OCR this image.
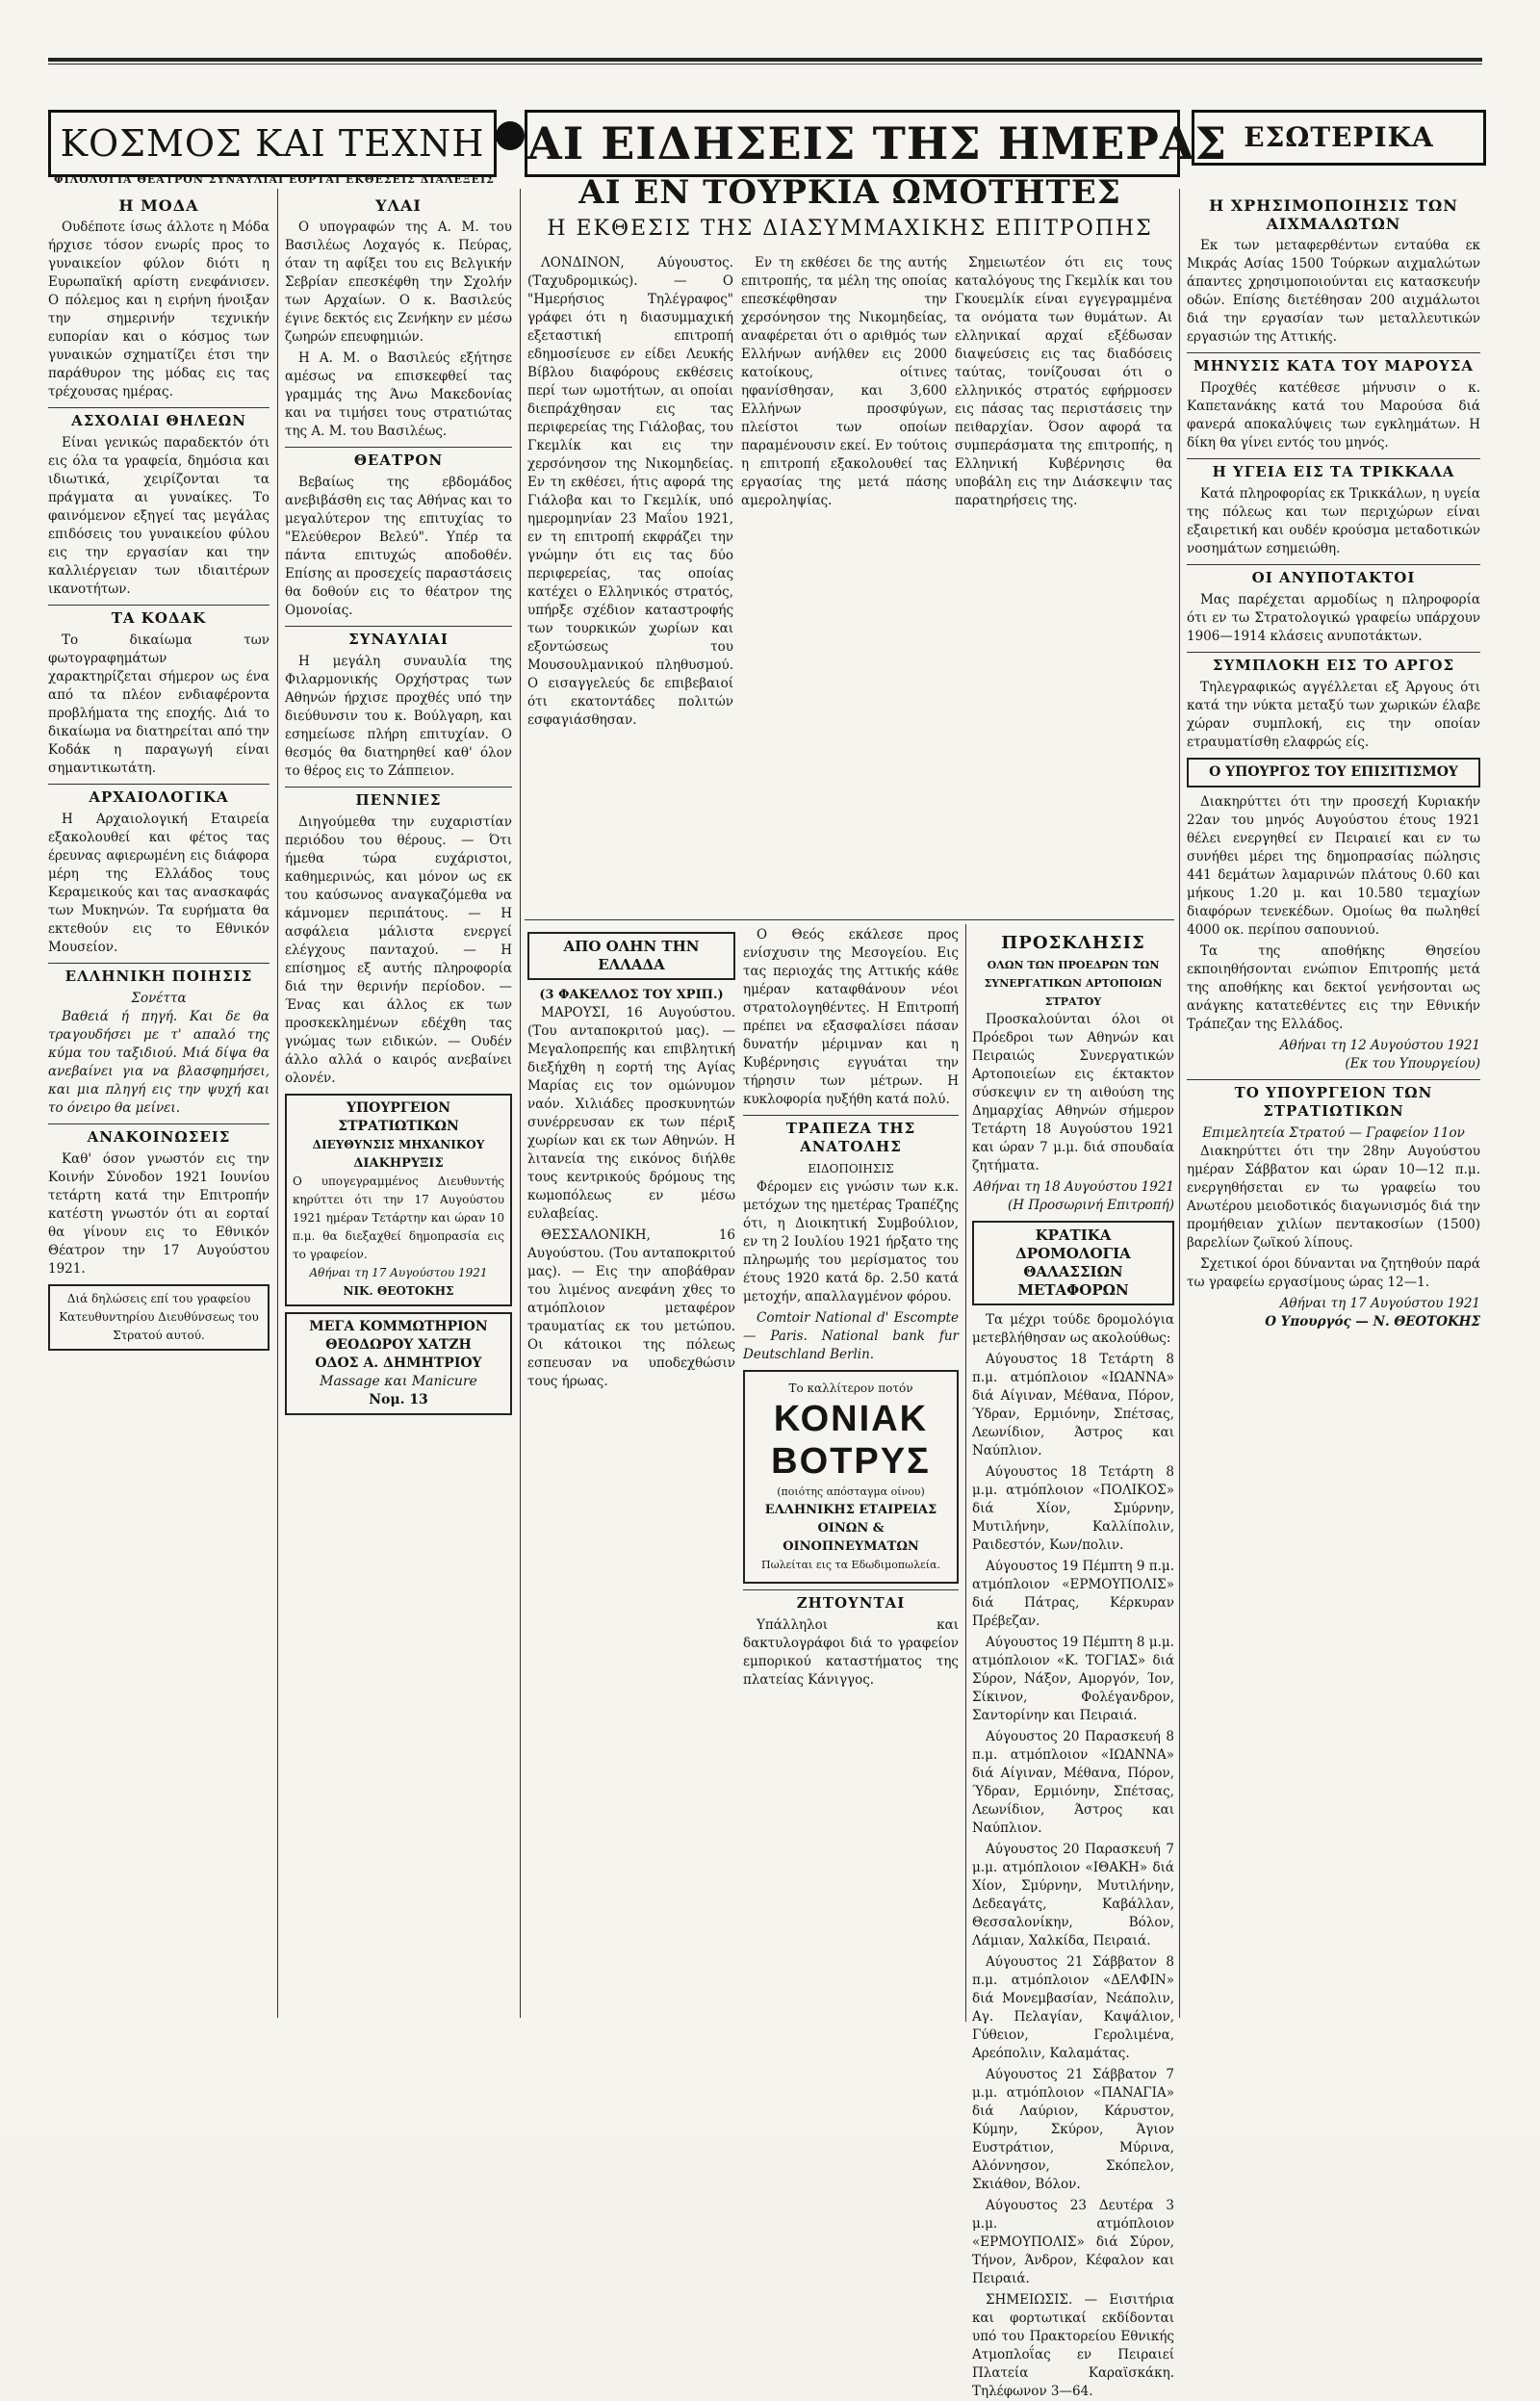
ΚΟΣΜΟΣ ΚΑΙ ΤΕΧΝΗ ΑΙ ΕΙΔΗΣΕΙΣ ΤΗΣ ΗΜΕΡΑΣ ΕΣΩΤΕΡΙΚΑ
ΦΙΛΟΛΟΓΙΑ ΘΕΑΤΡΟΝ ΣΥΝΑΥΛΙΑΙ ΕΟΡΤΑΙ ΕΚΘΕΣΕΙΣ ΔΙΑΛΕΞΕΙΣ
Η ΜΟΔΑ

Ουδέποτε ίσως άλλοτε η Μόδα ήρχισε τόσον ενωρίς προς το γυναικείον φύλον διότι η Ευρωπαϊκή αρίστη ενεφάνισεν. Ο πόλεμος και η ειρήνη ήνοιξαν την σημερινήν τεχνικήν ευπορίαν και ο κόσμος των γυναικών σχηματίζει έτσι την παράθυρον της μόδας εις τας τρέχουσας ημέρας.

ΑΣΧΟΛΙΑΙ ΘΗΛΕΩΝ

Είναι γενικώς παραδεκτόν ότι εις όλα τα γραφεία, δημόσια και ιδιωτικά, χειρίζονται τα πράγματα αι γυναίκες. Το φαινόμενον εξηγεί τας μεγάλας επιδόσεις του γυναικείου φύλου εις την εργασίαν και την καλλιέργειαν των ιδιαιτέρων ικανοτήτων.

ΤΑ ΚΟΔΑΚ

Το δικαίωμα των φωτογραφημάτων χαρακτηρίζεται σήμερον ως ένα από τα πλέον ενδιαφέροντα προβλήματα της εποχής. Διά το δικαίωμα να διατηρείται από την Κοδάκ η παραγωγή είναι σημαντικωτάτη.

ΑΡΧΑΙΟΛΟΓΙΚΑ

Η Αρχαιολογική Εταιρεία εξακολουθεί και φέτος τας έρευνας αφιερωμένη εις διάφορα μέρη της Ελλάδος τους Κεραμεικούς και τας ανασκαφάς των Μυκηνών. Τα ευρήματα θα εκτεθούν εις το Εθνικόν Μουσείον.

ΕΛΛΗΝΙΚΗ ΠΟΙΗΣΙΣ
Σονέττα

Βαθειά ή πηγή. Και δε θα τραγουδήσει με τ' απαλό της κύμα του ταξιδιού. Μιά δίψα θα ανεβαίνει για να βλασφημήσει, και μια πληγή εις την ψυχή και το όνειρο θα μείνει.

ΑΝΑΚΟΙΝΩΣΕΙΣ

Καθ' όσον γνωστόν εις την Κοινήν Σύνοδον 1921 Ιουνίου τετάρτη κατά την Επιτροπήν κατέστη γνωστόν ότι αι εορταί θα γίνουν εις το Εθνικόν Θέατρον την 17 Αυγούστου 1921.

Διά δηλώσεις επί του γραφείου Κατευθυντηρίου Διευθύνσεως του Στρατού αυτού.
ΥΛΑΙ

Ο υπογραφών της Α. Μ. του Βασιλέως Λοχαγός κ. Πεύρας, όταν τη αφίξει του εις Βελγικήν Σεβρίαν επεσκέφθη την Σχολήν των Αρχαίων. Ο κ. Βασιλεύς έγινε δεκτός εις Ζενήκην εν μέσω ζωηρών επευφημιών.

Η Α. Μ. ο Βασιλεύς εξήτησε αμέσως να επισκεφθεί τας γραμμάς της Άνω Μακεδονίας και να τιμήσει τους στρατιώτας της Α. Μ. του Βασιλέως.

ΘΕΑΤΡΟΝ

Βεβαίως της εβδομάδος ανεβιβάσθη εις τας Αθήνας και το μεγαλύτερον της επιτυχίας το "Ελεύθερον Βελεύ". Υπέρ τα πάντα επιτυχώς αποδοθέν. Επίσης αι προσεχείς παραστάσεις θα δοθούν εις το θέατρον της Ομονοίας.

ΣΥΝΑΥΛΙΑΙ

Η μεγάλη συναυλία της Φιλαρμονικής Ορχήστρας των Αθηνών ήρχισε προχθές υπό την διεύθυνσιν του κ. Βούλγαρη, και εσημείωσε πλήρη επιτυχίαν. Ο θεσμός θα διατηρηθεί καθ' όλον το θέρος εις το Ζάππειον.

ΠΕΝΝΙΕΣ

Διηγούμεθα την ευχαριστίαν περιόδου του θέρους. — Ότι ήμεθα τώρα ευχάριστοι, καθημερινώς, και μόνον ως εκ του καύσωνος αναγκαζόμεθα να κάμνομεν περιπάτους. — Η ασφάλεια μάλιστα ενεργεί ελέγχους πανταχού. — Η επίσημος εξ αυτής πληροφορία διά την θερινήν περίοδον. — Ένας και άλλος εκ των προσκεκλημένων εδέχθη τας γνώμας των ειδικών. — Ουδέν άλλο αλλά ο καιρός ανεβαίνει ολονέν.

ΥΠΟΥΡΓΕΙΟΝ ΣΤΡΑΤΙΩΤΙΚΩΝ
ΔΙΕΥΘΥΝΣΙΣ ΜΗΧΑΝΙΚΟΥ
ΔΙΑΚΗΡΥΞΙΣ
Ο υπογεγραμμένος Διευθυντής κηρύττει ότι την 17 Αυγούστου 1921 ημέραν Τετάρτην και ώραν 10 π.μ. θα διεξαχθεί δημοπρασία εις το γραφείον.
Αθήναι τη 17 Αυγούστου 1921
ΝΙΚ. ΘΕΟΤΟΚΗΣ
ΜΕΓΑ ΚΟΜΜΩΤΗΡΙΟΝ
ΘΕΟΔΩΡΟΥ ΧΑΤΖΗ
ΟΔΟΣ Α. ΔΗΜΗΤΡΙΟΥ
Massage και Manicure
Νομ. 13
ΑΙ ΕΝ ΤΟΥΡΚΙΑ ΩΜΟΤΗΤΕΣ
Η ΕΚΘΕΣΙΣ ΤΗΣ ΔΙΑΣΥΜΜΑΧΙΚΗΣ ΕΠΙΤΡΟΠΗΣ

ΛΟΝΔΙΝΟΝ, Αύγουστος. (Ταχυδρομικώς). — Ο "Ημερήσιος Τηλέγραφος" γράφει ότι η διασυμμαχική εξεταστική επιτροπή εδημοσίευσε εν είδει Λευκής Βίβλου διαφόρους εκθέσεις περί των ωμοτήτων, αι οποίαι διεπράχθησαν εις τας περιφερείας της Γιάλοβας, του Γκεμλίκ και εις την χερσόνησον της Νικομηδείας. Εν τη εκθέσει, ήτις αφορά της Γιάλοβα και το Γκεμλίκ, υπό ημερομηνίαν 23 Μαΐου 1921, εν τη επιτροπή εκφράζει την γνώμην ότι εις τας δύο περιφερείας, τας οποίας κατέχει ο Ελληνικός στρατός, υπήρξε σχέδιον καταστροφής των τουρκικών χωρίων και εξοντώσεως του Μουσουλμανικού πληθυσμού. Ο εισαγγελεύς δε επιβεβαιοί ότι εκατοντάδες πολιτών εσφαγιάσθησαν.

Εν τη εκθέσει δε της αυτής επιτροπής, τα μέλη της οποίας επεσκέφθησαν την χερσόνησον της Νικομηδείας, αναφέρεται ότι ο αριθμός των Ελλήνων ανήλθεν εις 2000 κατοίκους, οίτινες ηφανίσθησαν, και 3,600 Ελλήνων προσφύγων, πλείστοι των οποίων παραμένουσιν εκεί. Εν τούτοις η επιτροπή εξακολουθεί τας εργασίας της μετά πάσης αμεροληψίας.

Σημειωτέον ότι εις τους καταλόγους της Γκεμλίκ και του Γκουεμλίκ είναι εγγεγραμμένα τα ονόματα των θυμάτων. Αι ελληνικαί αρχαί εξέδωσαν διαψεύσεις εις τας διαδόσεις ταύτας, τονίζουσαι ότι ο ελληνικός στρατός εφήρμοσεν εις πάσας τας περιστάσεις την πειθαρχίαν. Όσον αφορά τα συμπεράσματα της επιτροπής, η Ελληνική Κυβέρνησις θα υποβάλη εις την Διάσκεψιν τας παρατηρήσεις της.

ΑΠΟ ΟΛΗΝ ΤΗΝ ΕΛΛΑΔΑ
(3 ΦΑΚΕΛΛΟΣ ΤΟΥ ΧΡΙΠ.)

ΜΑΡΟΥΣΙ, 16 Αυγούστου. (Του ανταποκριτού μας). — Μεγαλοπρεπής και επιβλητική διεξήχθη η εορτή της Αγίας Μαρίας εις τον ομώνυμον ναόν. Χιλιάδες προσκυνητών συνέρρευσαν εκ των πέριξ χωρίων και εκ των Αθηνών. Η λιτανεία της εικόνος διήλθε τους κεντρικούς δρόμους της κωμοπόλεως εν μέσω ευλαβείας.

ΘΕΣΣΑΛΟΝΙΚΗ, 16 Αυγούστου. (Του ανταποκριτού μας). — Εις την αποβάθραν του λιμένος ανεφάνη χθες το ατμόπλοιον μεταφέρον τραυματίας εκ του μετώπου. Οι κάτοικοι της πόλεως εσπευσαν να υποδεχθώσιν τους ήρωας.

Ο Θεός εκάλεσε προς ενίσχυσιν της Μεσογείου. Εις τας περιοχάς της Αττικής κάθε ημέραν καταφθάνουν νέοι στρατολογηθέντες. Η Επιτροπή πρέπει να εξασφαλίσει πάσαν δυνατήν μέριμναν και η Κυβέρνησις εγγυάται την τήρησιν των μέτρων. Η κυκλοφορία ηυξήθη κατά πολύ.

ΤΡΑΠΕΖΑ ΤΗΣ ΑΝΑΤΟΛΗΣ
ΕΙΔΟΠΟΙΗΣΙΣ

Φέρομεν εις γνώσιν των κ.κ. μετόχων της ημετέρας Τραπέζης ότι, η Διοικητική Συμβούλιον, εν τη 2 Ιουλίου 1921 ήρξατο της πληρωμής του μερίσματος του έτους 1920 κατά δρ. 2.50 κατά μετοχήν, απαλλαγμένον φόρου.

Comtoir National d' Escompte — Paris. National bank fur Deutschland Berlin.

Το καλλίτερον ποτόν
ΚΟΝΙΑΚ ΒΟΤΡΥΣ
(ποιότης απόσταγμα οίνου)
ΕΛΛΗΝΙΚΗΣ ΕΤΑΙΡΕΙΑΣ ΟΙΝΩΝ & ΟΙΝΟΠΝΕΥΜΑΤΩΝ
Πωλείται εις τα Εδωδιμοπωλεία.
ΖΗΤΟΥΝΤΑΙ

Υπάλληλοι και δακτυλογράφοι διά το γραφείον εμπορικού καταστήματος της πλατείας Κάνιγγος.

ΠΡΟΣΚΛΗΣΙΣ
ΟΛΩΝ ΤΩΝ ΠΡΟΕΔΡΩΝ ΤΩΝ ΣΥΝΕΡΓΑΤΙΚΩΝ ΑΡΤΟΠΟΙΩΝ ΣΤΡΑΤΟΥ

Προσκαλούνται όλοι οι Πρόεδροι των Αθηνών και Πειραιώς Συνεργατικών Αρτοποιείων εις έκτακτον σύσκεψιν εν τη αιθούση της Δημαρχίας Αθηνών σήμερον Τετάρτη 18 Αυγούστου 1921 και ώραν 7 μ.μ. διά σπουδαία ζητήματα.

Αθήναι τη 18 Αυγούστου 1921
(Η Προσωρινή Επιτροπή)
ΚΡΑΤΙΚΑ ΔΡΟΜΟΛΟΓΙΑ ΘΑΛΑΣΣΙΩΝ ΜΕΤΑΦΟΡΩΝ

Τα μέχρι τούδε δρομολόγια μετεβλήθησαν ως ακολούθως:

Αύγουστος 18 Τετάρτη 8 π.μ. ατμόπλοιον «ΙΩΑΝΝΑ» διά Αίγιναν, Μέθανα, Πόρον, Ύδραν, Ερμιόνην, Σπέτσας, Λεωνίδιον, Άστρος και Ναύπλιον.

Αύγουστος 18 Τετάρτη 8 μ.μ. ατμόπλοιον «ΠΟΛΙΚΟΣ» διά Χίον, Σμύρνην, Μυτιλήνην, Καλλίπολιν, Ραιδεστόν, Κων/πολιν.

Αύγουστος 19 Πέμπτη 9 π.μ. ατμόπλοιον «ΕΡΜΟΥΠΟΛΙΣ» διά Πάτρας, Κέρκυραν Πρέβεζαν.

Αύγουστος 19 Πέμπτη 8 μ.μ. ατμόπλοιον «Κ. ΤΟΓΙΑΣ» διά Σύρον, Νάξον, Αμοργόν, Ίον, Σίκινον, Φολέγανδρον, Σαντορίνην και Πειραιά.

Αύγουστος 20 Παρασκευή 8 π.μ. ατμόπλοιον «ΙΩΑΝΝΑ» διά Αίγιναν, Μέθανα, Πόρον, Ύδραν, Ερμιόνην, Σπέτσας, Λεωνίδιον, Άστρος και Ναύπλιον.

Αύγουστος 20 Παρασκευή 7 μ.μ. ατμόπλοιον «ΙΘΑΚΗ» διά Χίον, Σμύρνην, Μυτιλήνην, Δεδεαγάτς, Καβάλλαν, Θεσσαλονίκην, Βόλον, Λάμιαν, Χαλκίδα, Πειραιά.

Αύγουστος 21 Σάββατον 8 π.μ. ατμόπλοιον «ΔΕΛΦΙΝ» διά Μονεμβασίαν, Νεάπολιν, Αγ. Πελαγίαν, Καψάλιον, Γύθειον, Γερολιμένα, Αρεόπολιν, Καλαμάτας.

Αύγουστος 21 Σάββατον 7 μ.μ. ατμόπλοιον «ΠΑΝΑΓΙΑ» διά Λαύριον, Κάρυστον, Κύμην, Σκύρον, Άγιον Ευστράτιον, Μύρινα, Αλόννησον, Σκόπελον, Σκιάθον, Βόλον.

Αύγουστος 23 Δευτέρα 3 μ.μ. ατμόπλοιον «ΕΡΜΟΥΠΟΛΙΣ» διά Σύρον, Τήνον, Άνδρον, Κέφαλον και Πειραιά.

ΣΗΜΕΙΩΣΙΣ. — Εισιτήρια και φορτωτικαί εκδίδονται υπό του Πρακτορείου Εθνικής Ατμοπλοΐας εν Πειραιεί Πλατεία Καραϊσκάκη. Τηλέφωνον 3—64.

Η ΧΡΗΣΙΜΟΠΟΙΗΣΙΣ ΤΩΝ ΑΙΧΜΑΛΩΤΩΝ

Εκ των μεταφερθέντων ενταύθα εκ Μικράς Ασίας 1500 Τούρκων αιχμαλώτων άπαντες χρησιμοποιούνται εις κατασκευήν οδών. Επίσης διετέθησαν 200 αιχμάλωτοι διά την εργασίαν των μεταλλευτικών εργασιών της Αττικής.

ΜΗΝΥΣΙΣ ΚΑΤΑ ΤΟΥ ΜΑΡΟΥΣΑ

Προχθές κατέθεσε μήνυσιν ο κ. Καπετανάκης κατά του Μαρούσα διά φανερά αποκαλύψεις των εγκλημάτων. Η δίκη θα γίνει εντός του μηνός.

Η ΥΓΕΙΑ ΕΙΣ ΤΑ ΤΡΙΚΚΑΛΑ

Κατά πληροφορίας εκ Τρικκάλων, η υγεία της πόλεως και των περιχώρων είναι εξαιρετική και ουδέν κρούσμα μεταδοτικών νοσημάτων εσημειώθη.

ΟΙ ΑΝΥΠΟΤΑΚΤΟΙ

Μας παρέχεται αρμοδίως η πληροφορία ότι εν τω Στρατολογικώ γραφείω υπάρχουν 1906—1914 κλάσεις ανυποτάκτων.

ΣΥΜΠΛΟΚΗ ΕΙΣ ΤΟ ΑΡΓΟΣ

Τηλεγραφικώς αγγέλλεται εξ Άργους ότι κατά την νύκτα μεταξύ των χωρικών έλαβε χώραν συμπλοκή, εις την οποίαν ετραυματίσθη ελαφρώς είς.

Ο ΥΠΟΥΡΓΟΣ ΤΟΥ ΕΠΙΣΙΤΙΣΜΟΥ

Διακηρύττει ότι την προσεχή Κυριακήν 22αν του μηνός Αυγούστου έτους 1921 θέλει ενεργηθεί εν Πειραιεί και εν τω συνήθει μέρει της δημοπρασίας πώλησις 441 δεμάτων λαμαρινών πλάτους 0.60 και μήκους 1.20 μ. και 10.580 τεμαχίων διαφόρων τενεκέδων. Ομοίως θα πωληθεί 4000 οκ. περίπου σαπουνιού.

Τα της αποθήκης Θησείου εκποιηθήσονται ενώπιον Επιτροπής μετά της αποθήκης και δεκτοί γενήσονται ως ανάγκης κατατεθέντες εις την Εθνικήν Τράπεζαν της Ελλάδος.

Αθήναι τη 12 Αυγούστου 1921
(Εκ του Υπουργείου)
ΤΟ ΥΠΟΥΡΓΕΙΟΝ ΤΩΝ ΣΤΡΑΤΙΩΤΙΚΩΝ
Επιμελητεία Στρατού — Γραφείον 11ον

Διακηρύττει ότι την 28ην Αυγούστου ημέραν Σάββατον και ώραν 10—12 π.μ. ενεργηθήσεται εν τω γραφείω του Ανωτέρου μειοδοτικός διαγωνισμός διά την προμήθειαν χιλίων πεντακοσίων (1500) βαρελίων ζωϊκού λίπους.

Σχετικοί όροι δύνανται να ζητηθούν παρά τω γραφείω εργασίμους ώρας 12—1.

Αθήναι τη 17 Αυγούστου 1921
Ο Υπουργός — Ν. ΘΕΟΤΟΚΗΣ
